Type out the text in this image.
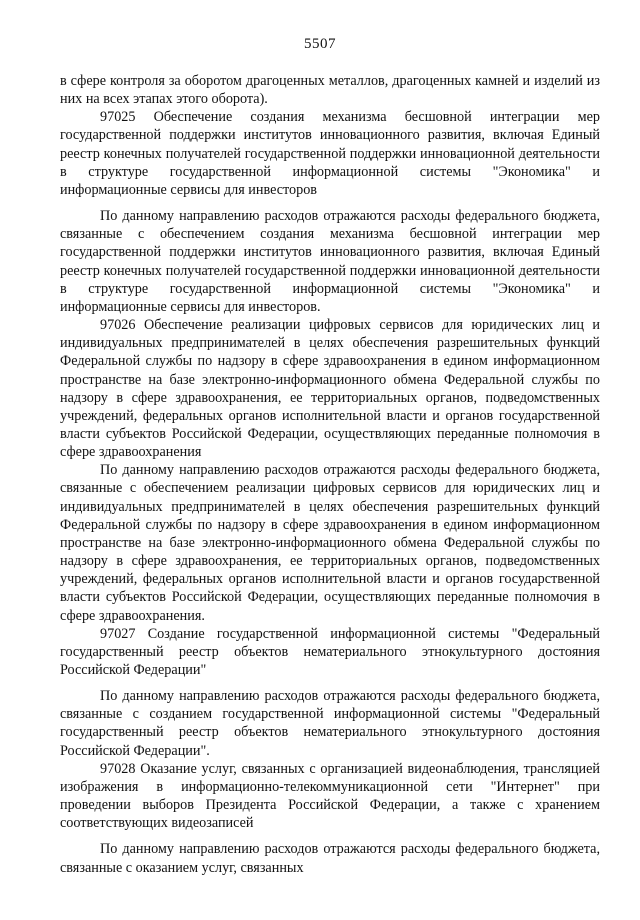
5507

в сфере контроля за оборотом драгоценных металлов, драгоценных камней и изделий из них на всех этапах этого оборота).

97025 Обеспечение создания механизма бесшовной интеграции мер государственной поддержки институтов инновационного развития, включая Единый реестр конечных получателей государственной поддержки инновационной деятельности в структуре государственной информационной системы "Экономика" и информационные сервисы для инвесторов

По данному направлению расходов отражаются расходы федерального бюджета, связанные с обеспечением создания механизма бесшовной интеграции мер государственной поддержки институтов инновационного развития, включая Единый реестр конечных получателей государственной поддержки инновационной деятельности в структуре государственной информационной системы "Экономика" и информационные сервисы для инвесторов.

97026 Обеспечение реализации цифровых сервисов для юридических лиц и индивидуальных предпринимателей в целях обеспечения разрешительных функций Федеральной службы по надзору в сфере здравоохранения в едином информационном пространстве на базе электронно-информационного обмена Федеральной службы по надзору в сфере здравоохранения, ее территориальных органов, подведомственных учреждений, федеральных органов исполнительной власти и органов государственной власти субъектов Российской Федерации, осуществляющих переданные полномочия в сфере здравоохранения

По данному направлению расходов отражаются расходы федерального бюджета, связанные с обеспечением реализации цифровых сервисов для юридических лиц и индивидуальных предпринимателей в целях обеспечения разрешительных функций Федеральной службы по надзору в сфере здравоохранения в едином информационном пространстве на базе электронно-информационного обмена Федеральной службы по надзору в сфере здравоохранения, ее территориальных органов, подведомственных учреждений, федеральных органов исполнительной власти и органов государственной власти субъектов Российской Федерации, осуществляющих переданные полномочия в сфере здравоохранения.

97027 Создание государственной информационной системы "Федеральный государственный реестр объектов нематериального этнокультурного достояния Российской Федерации"

По данному направлению расходов отражаются расходы федерального бюджета, связанные с созданием государственной информационной системы "Федеральный государственный реестр объектов нематериального этнокультурного достояния Российской Федерации".

97028 Оказание услуг, связанных с организацией видеонаблюдения, трансляцией изображения в информационно-телекоммуникационной сети "Интернет" при проведении выборов Президента Российской Федерации, а также с хранением соответствующих видеозаписей

По данному направлению расходов отражаются расходы федерального бюджета, связанные с оказанием услуг, связанных
